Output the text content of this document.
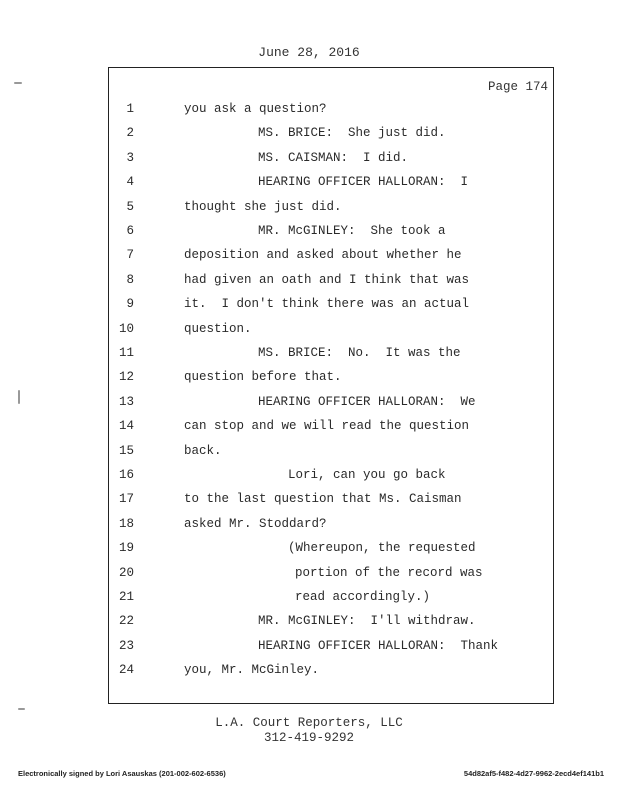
June 28, 2016
Page 174
1	you ask a question?
2	MS. BRICE:  She just did.
3	MS. CAISMAN:  I did.
4	HEARING OFFICER HALLORAN:  I
5	thought she just did.
6	MR. McGINLEY:  She took a
7	deposition and asked about whether he
8	had given an oath and I think that was
9	it.  I don't think there was an actual
10	question.
11	MS. BRICE:  No.  It was the
12	question before that.
13	HEARING OFFICER HALLORAN:  We
14	can stop and we will read the question
15	back.
16	Lori, can you go back
17	to the last question that Ms. Caisman
18	asked Mr. Stoddard?
19	(Whereupon, the requested
20	portion of the record was
21	read accordingly.)
22	MR. McGINLEY:  I'll withdraw.
23	HEARING OFFICER HALLORAN:  Thank
24	you, Mr. McGinley.
L.A. Court Reporters, LLC
312-419-9292
Electronically signed by Lori Asauskas (201-002-602-6536)	54d82af5-f482-4d27-9962-2ecd4ef141b1
